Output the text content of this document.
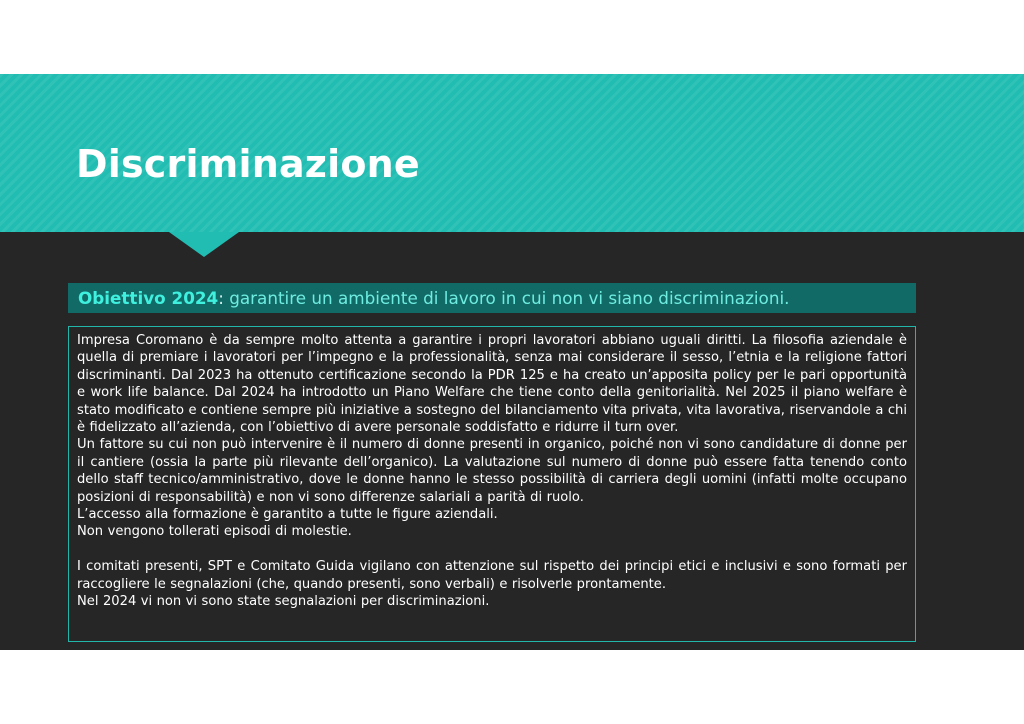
Discriminazione
Obiettivo 2024: garantire un ambiente di lavoro in cui non vi siano discriminazioni.

Impresa Coromano è da sempre molto attenta a garantire i propri lavoratori abbiano uguali diritti. La filosofia aziendale è quella di premiare i lavoratori per l’impegno e la professionalità, senza mai considerare il sesso, l’etnia e la religione fattori discriminanti. Dal 2023 ha ottenuto certificazione secondo la PDR 125 e ha creato un’apposita policy per le pari opportunità e work life balance. Dal 2024 ha introdotto un Piano Welfare che tiene conto della genitorialità. Nel 2025 il piano welfare è stato modificato e contiene sempre più iniziative a sostegno del bilanciamento vita privata, vita lavorativa, riservandole a chi è fidelizzato all’azienda, con l’obiettivo di avere personale soddisfatto e ridurre il turn over.

Un fattore su cui non può intervenire è il numero di donne presenti in organico, poiché non vi sono candidature di donne per il cantiere (ossia la parte più rilevante dell’organico). La valutazione sul numero di donne può essere fatta tenendo conto dello staff tecnico/amministrativo, dove le donne hanno le stesso possibilità di carriera degli uomini (infatti molte occupano posizioni di responsabilità) e non vi sono differenze salariali a parità di ruolo.

L’accesso alla formazione è garantito a tutte le figure aziendali.

Non vengono tollerati episodi di molestie.

I comitati presenti, SPT e Comitato Guida vigilano con attenzione sul rispetto dei principi etici e inclusivi e sono formati per raccogliere le segnalazioni (che, quando presenti, sono verbali) e risolverle prontamente.

Nel 2024 vi non vi sono state segnalazioni per discriminazioni.
